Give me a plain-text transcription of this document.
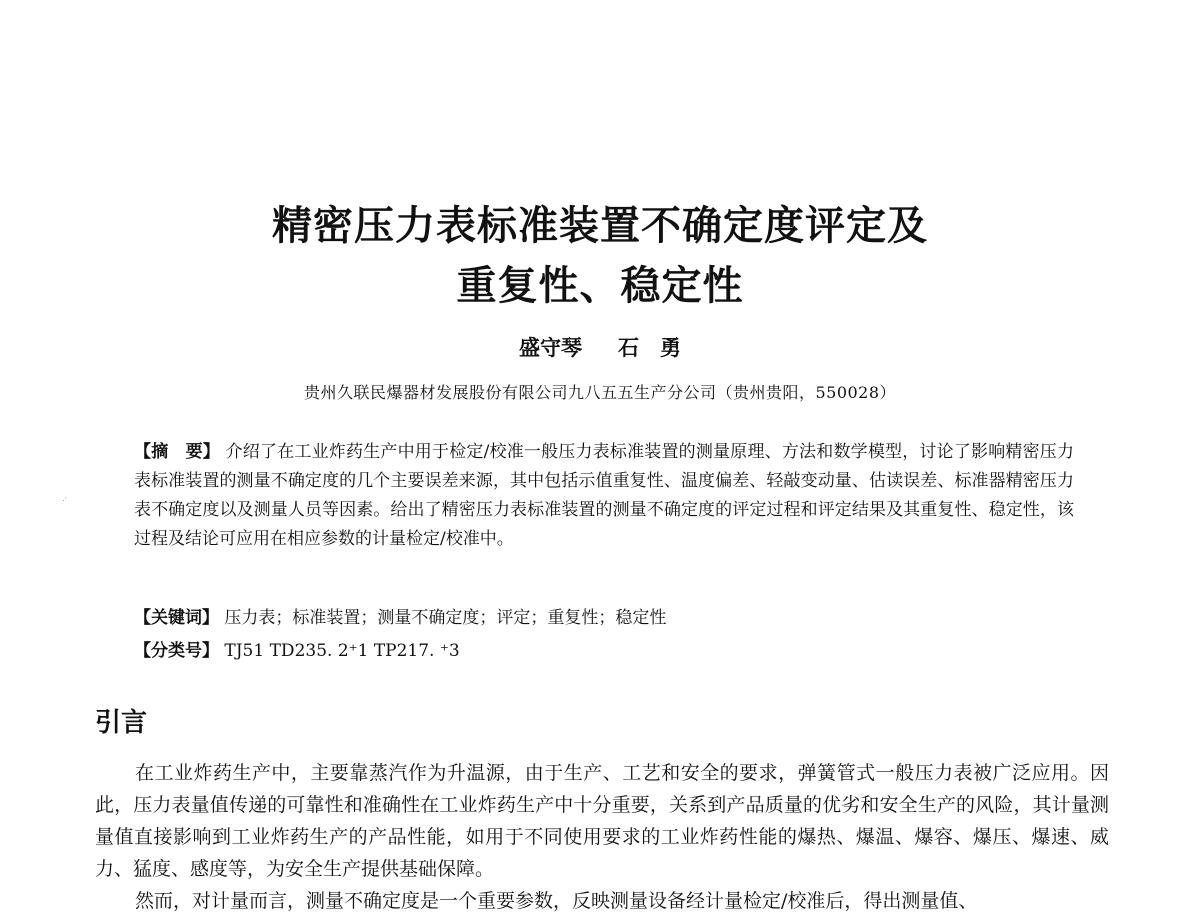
精密压力表标准装置不确定度评定及
重复性、稳定性
盛守琴 石　勇
贵州久联民爆器材发展股份有限公司九八五五生产分公司（贵州贵阳，550028）
.·
【摘　要】 介绍了在工业炸药生产中用于检定/校准一般压力表标准装置的测量原理、方法和数学模型，讨论了影响精密压力表标准装置的测量不确定度的几个主要误差来源，其中包括示值重复性、温度偏差、轻敲变动量、估读误差、标准器精密压力表不确定度以及测量人员等因素。给出了精密压力表标准装置的测量不确定度的评定过程和评定结果及其重复性、稳定性，该过程及结论可应用在相应参数的计量检定/校准中。
【关键词】 压力表；标准装置；测量不确定度；评定；重复性；稳定性
【分类号】 TJ51 TD235. 2⁺1 TP217. ⁺3
引言
在工业炸药生产中，主要靠蒸汽作为升温源，由于生产、工艺和安全的要求，弹簧管式一般压力表被广泛应用。因此，压力表量值传递的可靠性和准确性在工业炸药生产中十分重要，关系到产品质量的优劣和安全生产的风险，其计量测量值直接影响到工业炸药生产的产品性能，如用于不同使用要求的工业炸药性能的爆热、爆温、爆容、爆压、爆速、威力、猛度、感度等，为安全生产提供基础保障。
然而，对计量而言，测量不确定度是一个重要参数，反映测量设备经计量检定/校准后，得出测量值、
